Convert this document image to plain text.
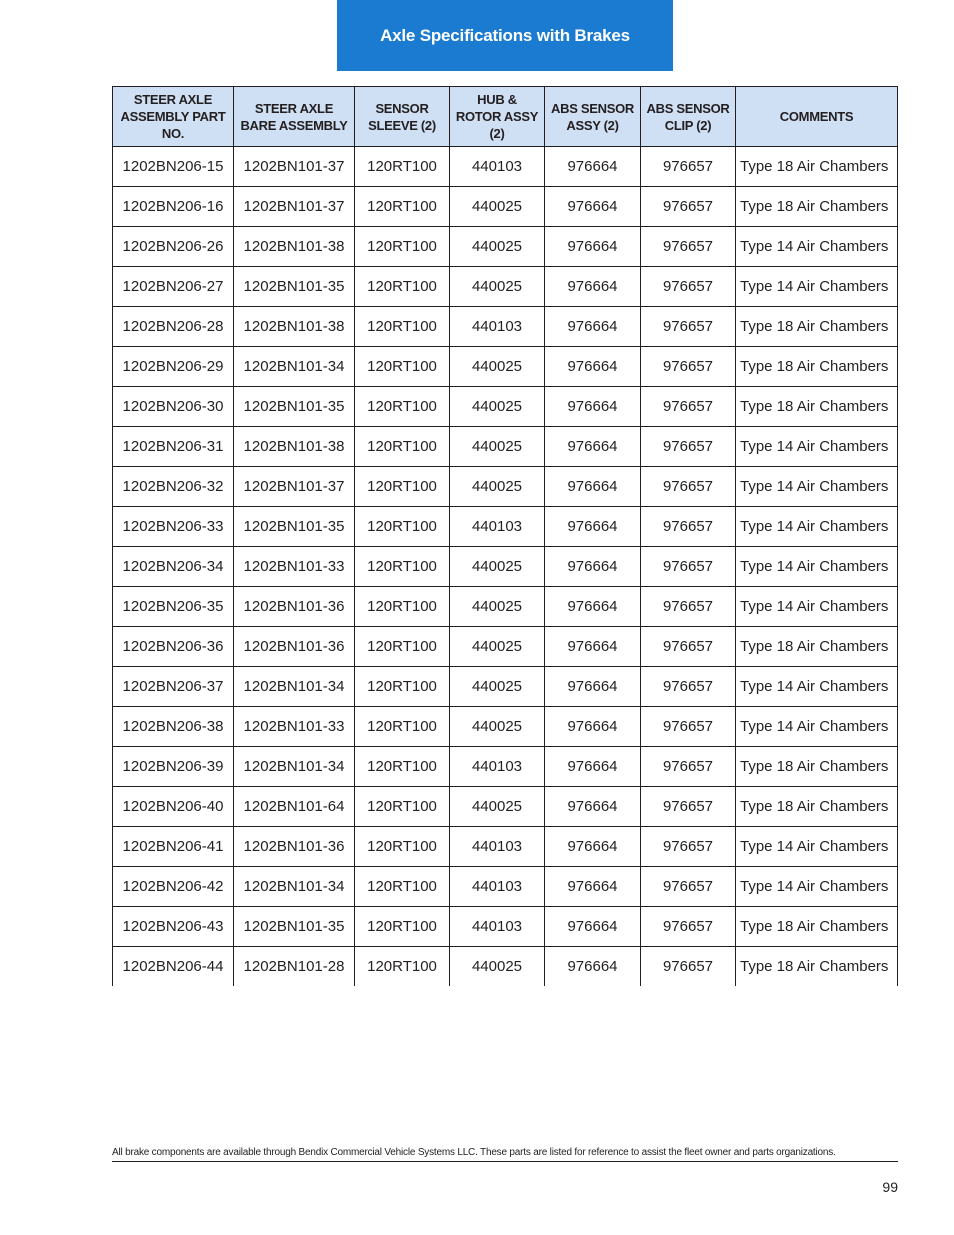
Axle Specifications with Brakes
STEER AXLE ASSEMBLY PART NO.	STEER AXLE BARE ASSEMBLY	SENSOR SLEEVE (2)	HUB & ROTOR ASSY (2)	ABS SENSOR ASSY (2)	ABS SENSOR CLIP (2)	COMMENTS
1202BN206-15	1202BN101-37	120RT100	440103	976664	976657	Type 18 Air Chambers
1202BN206-16	1202BN101-37	120RT100	440025	976664	976657	Type 18 Air Chambers
1202BN206-26	1202BN101-38	120RT100	440025	976664	976657	Type 14 Air Chambers
1202BN206-27	1202BN101-35	120RT100	440025	976664	976657	Type 14 Air Chambers
1202BN206-28	1202BN101-38	120RT100	440103	976664	976657	Type 18 Air Chambers
1202BN206-29	1202BN101-34	120RT100	440025	976664	976657	Type 18 Air Chambers
1202BN206-30	1202BN101-35	120RT100	440025	976664	976657	Type 18 Air Chambers
1202BN206-31	1202BN101-38	120RT100	440025	976664	976657	Type 14 Air Chambers
1202BN206-32	1202BN101-37	120RT100	440025	976664	976657	Type 14 Air Chambers
1202BN206-33	1202BN101-35	120RT100	440103	976664	976657	Type 14 Air Chambers
1202BN206-34	1202BN101-33	120RT100	440025	976664	976657	Type 14 Air Chambers
1202BN206-35	1202BN101-36	120RT100	440025	976664	976657	Type 14 Air Chambers
1202BN206-36	1202BN101-36	120RT100	440025	976664	976657	Type 18 Air Chambers
1202BN206-37	1202BN101-34	120RT100	440025	976664	976657	Type 14 Air Chambers
1202BN206-38	1202BN101-33	120RT100	440025	976664	976657	Type 14 Air Chambers
1202BN206-39	1202BN101-34	120RT100	440103	976664	976657	Type 18 Air Chambers
1202BN206-40	1202BN101-64	120RT100	440025	976664	976657	Type 18 Air Chambers
1202BN206-41	1202BN101-36	120RT100	440103	976664	976657	Type 14 Air Chambers
1202BN206-42	1202BN101-34	120RT100	440103	976664	976657	Type 14 Air Chambers
1202BN206-43	1202BN101-35	120RT100	440103	976664	976657	Type 18 Air Chambers
1202BN206-44	1202BN101-28	120RT100	440025	976664	976657	Type 18 Air Chambers
All brake components are available through Bendix Commercial Vehicle Systems LLC. These parts are listed for reference to assist the fleet owner and parts organizations.
99
